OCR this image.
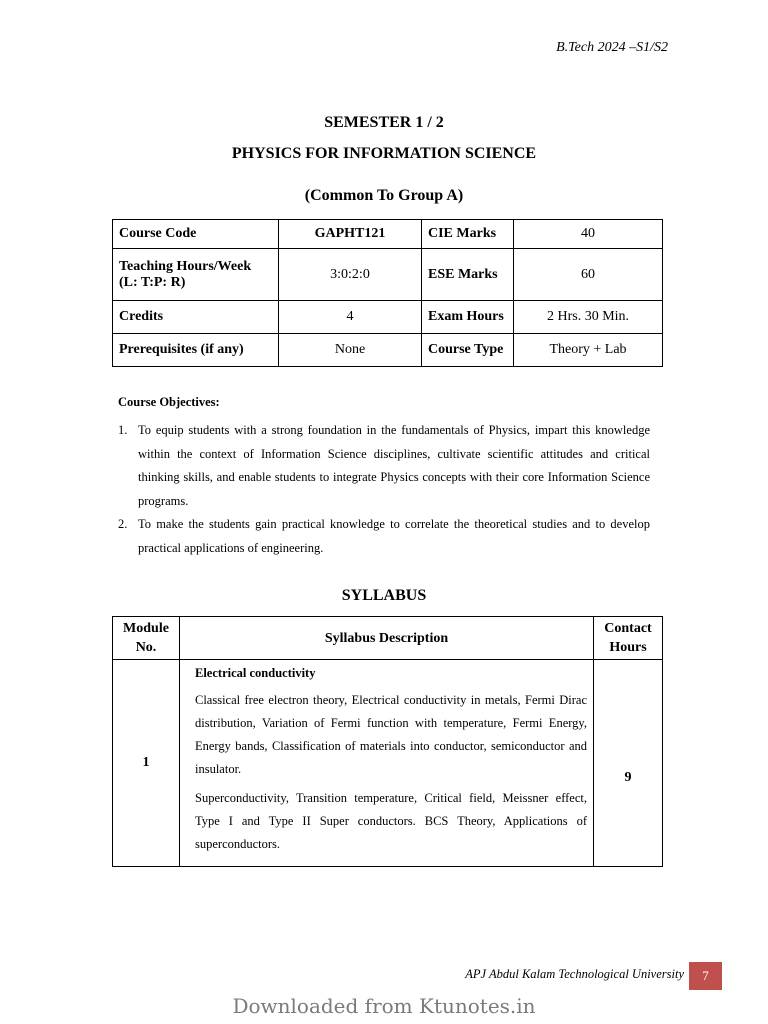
B.Tech 2024 –S1/S2
SEMESTER 1 / 2
PHYSICS FOR INFORMATION SCIENCE
(Common To Group A)
Course Code	GAPHT121	CIE Marks	40
Teaching Hours/Week (L: T:P: R)	3:0:2:0	ESE Marks	60
Credits	4	Exam Hours	2 Hrs. 30 Min.
Prerequisites (if any)	None	Course Type	Theory + Lab
Course Objectives:
1. To equip students with a strong foundation in the fundamentals of Physics, impart this knowledge within the context of Information Science disciplines, cultivate scientific attitudes and critical thinking skills, and enable students to integrate Physics concepts with their core Information Science programs.
2. To make the students gain practical knowledge to correlate the theoretical studies and to develop practical applications of engineering.
SYLLABUS
Module No.	Syllabus Description	Contact Hours
1	Electrical conductivity
Classical free electron theory, Electrical conductivity in metals, Fermi Dirac distribution, Variation of Fermi function with temperature, Fermi Energy, Energy bands, Classification of materials into conductor, semiconductor and insulator.
Superconductivity, Transition temperature, Critical field, Meissner effect, Type I and Type II Super conductors. BCS Theory, Applications of superconductors.	9
APJ Abdul Kalam Technological University	7
Downloaded from Ktunotes.in
